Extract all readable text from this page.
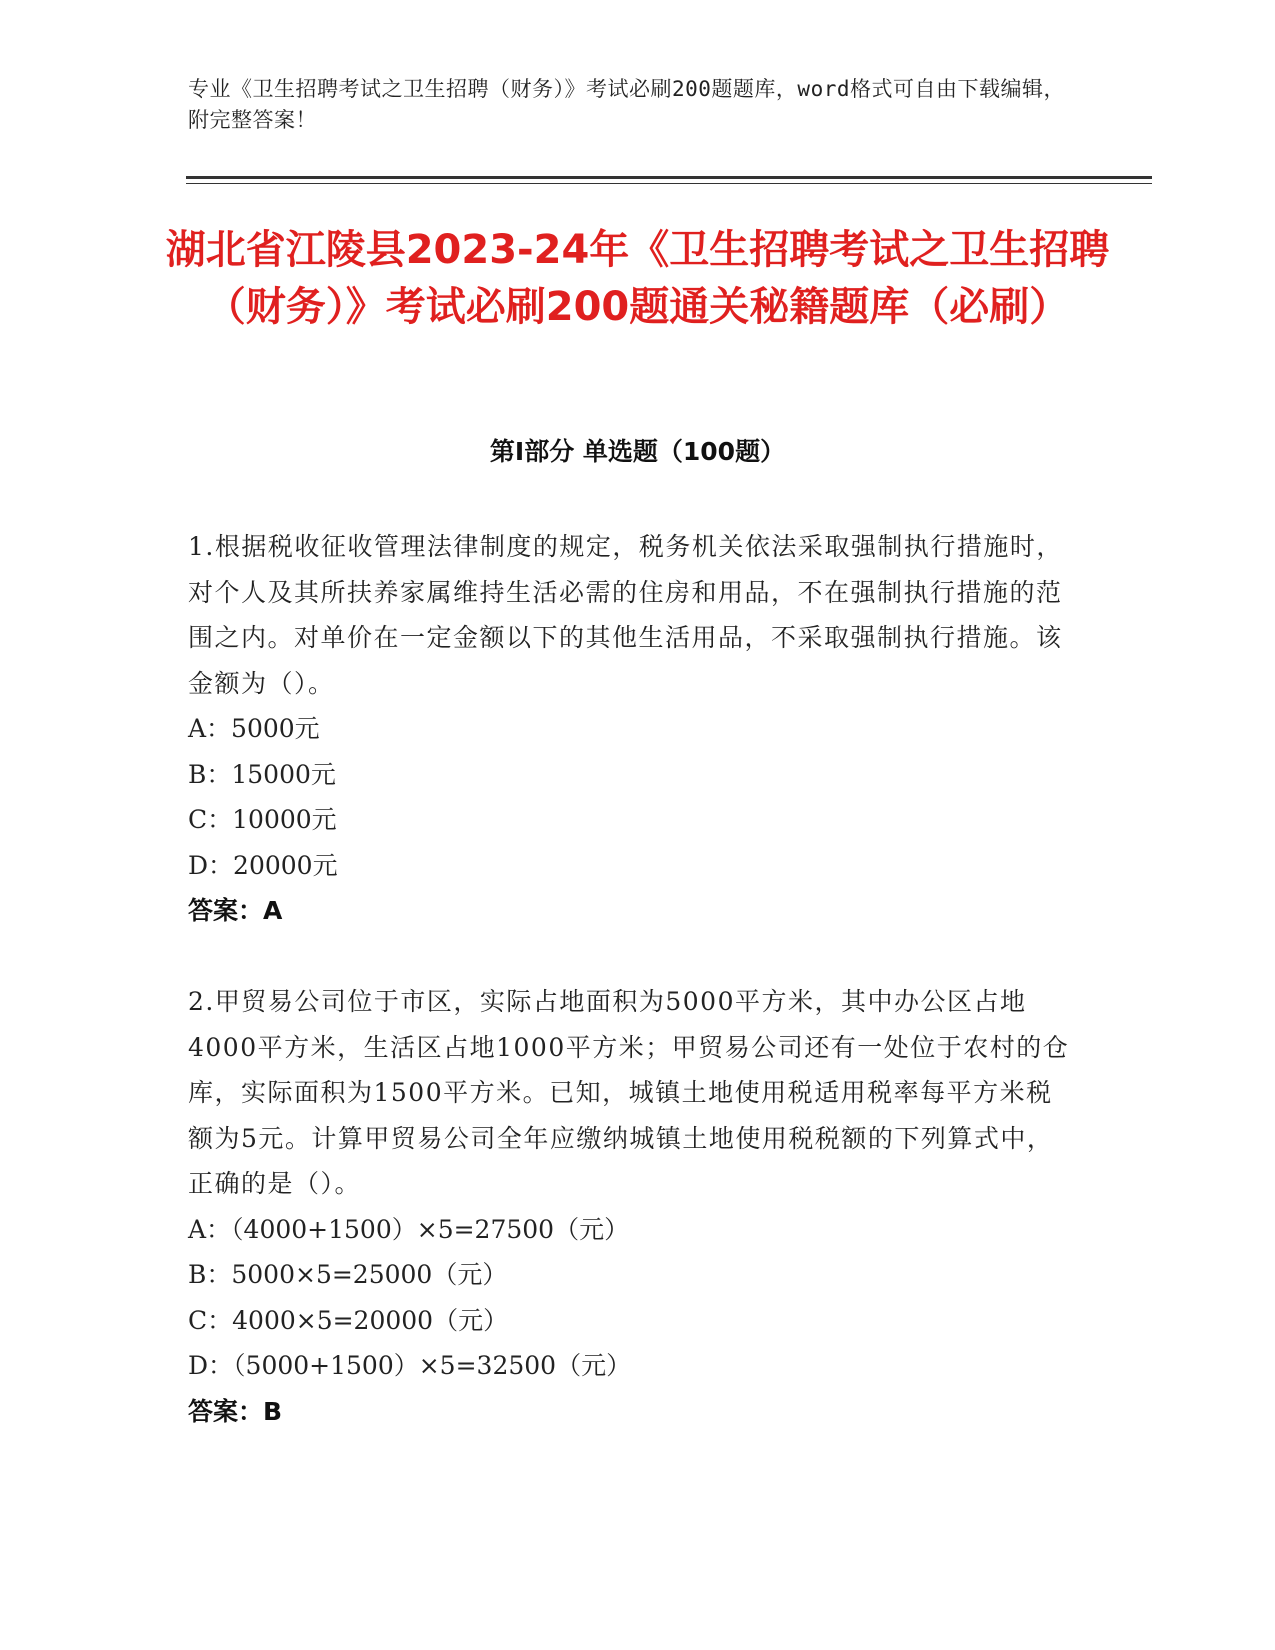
专业《卫生招聘考试之卫生招聘（财务）》考试必刷200题题库，word格式可自由下载编辑，附完整答案！
湖北省江陵县2023-24年《卫生招聘考试之卫生招聘（财务）》考试必刷200题通关秘籍题库（必刷）
第Ⅰ部分 单选题（100题）

1.根据税收征收管理法律制度的规定，税务机关依法采取强制执行措施时，对个人及其所扶养家属维持生活必需的住房和用品，不在强制执行措施的范围之内。对单价在一定金额以下的其他生活用品，不采取强制执行措施。该金额为（）。

A：5000元

B：15000元

C：10000元

D：20000元

答案：A

2.甲贸易公司位于市区，实际占地面积为5000平方米，其中办公区占地4000平方米，生活区占地1000平方米；甲贸易公司还有一处位于农村的仓库，实际面积为1500平方米。已知，城镇土地使用税适用税率每平方米税额为5元。计算甲贸易公司全年应缴纳城镇土地使用税税额的下列算式中，正确的是（）。

A：（4000+1500）×5=27500（元）

B：5000×5=25000（元）

C：4000×5=20000（元）

D：（5000+1500）×5=32500（元）

答案：B
